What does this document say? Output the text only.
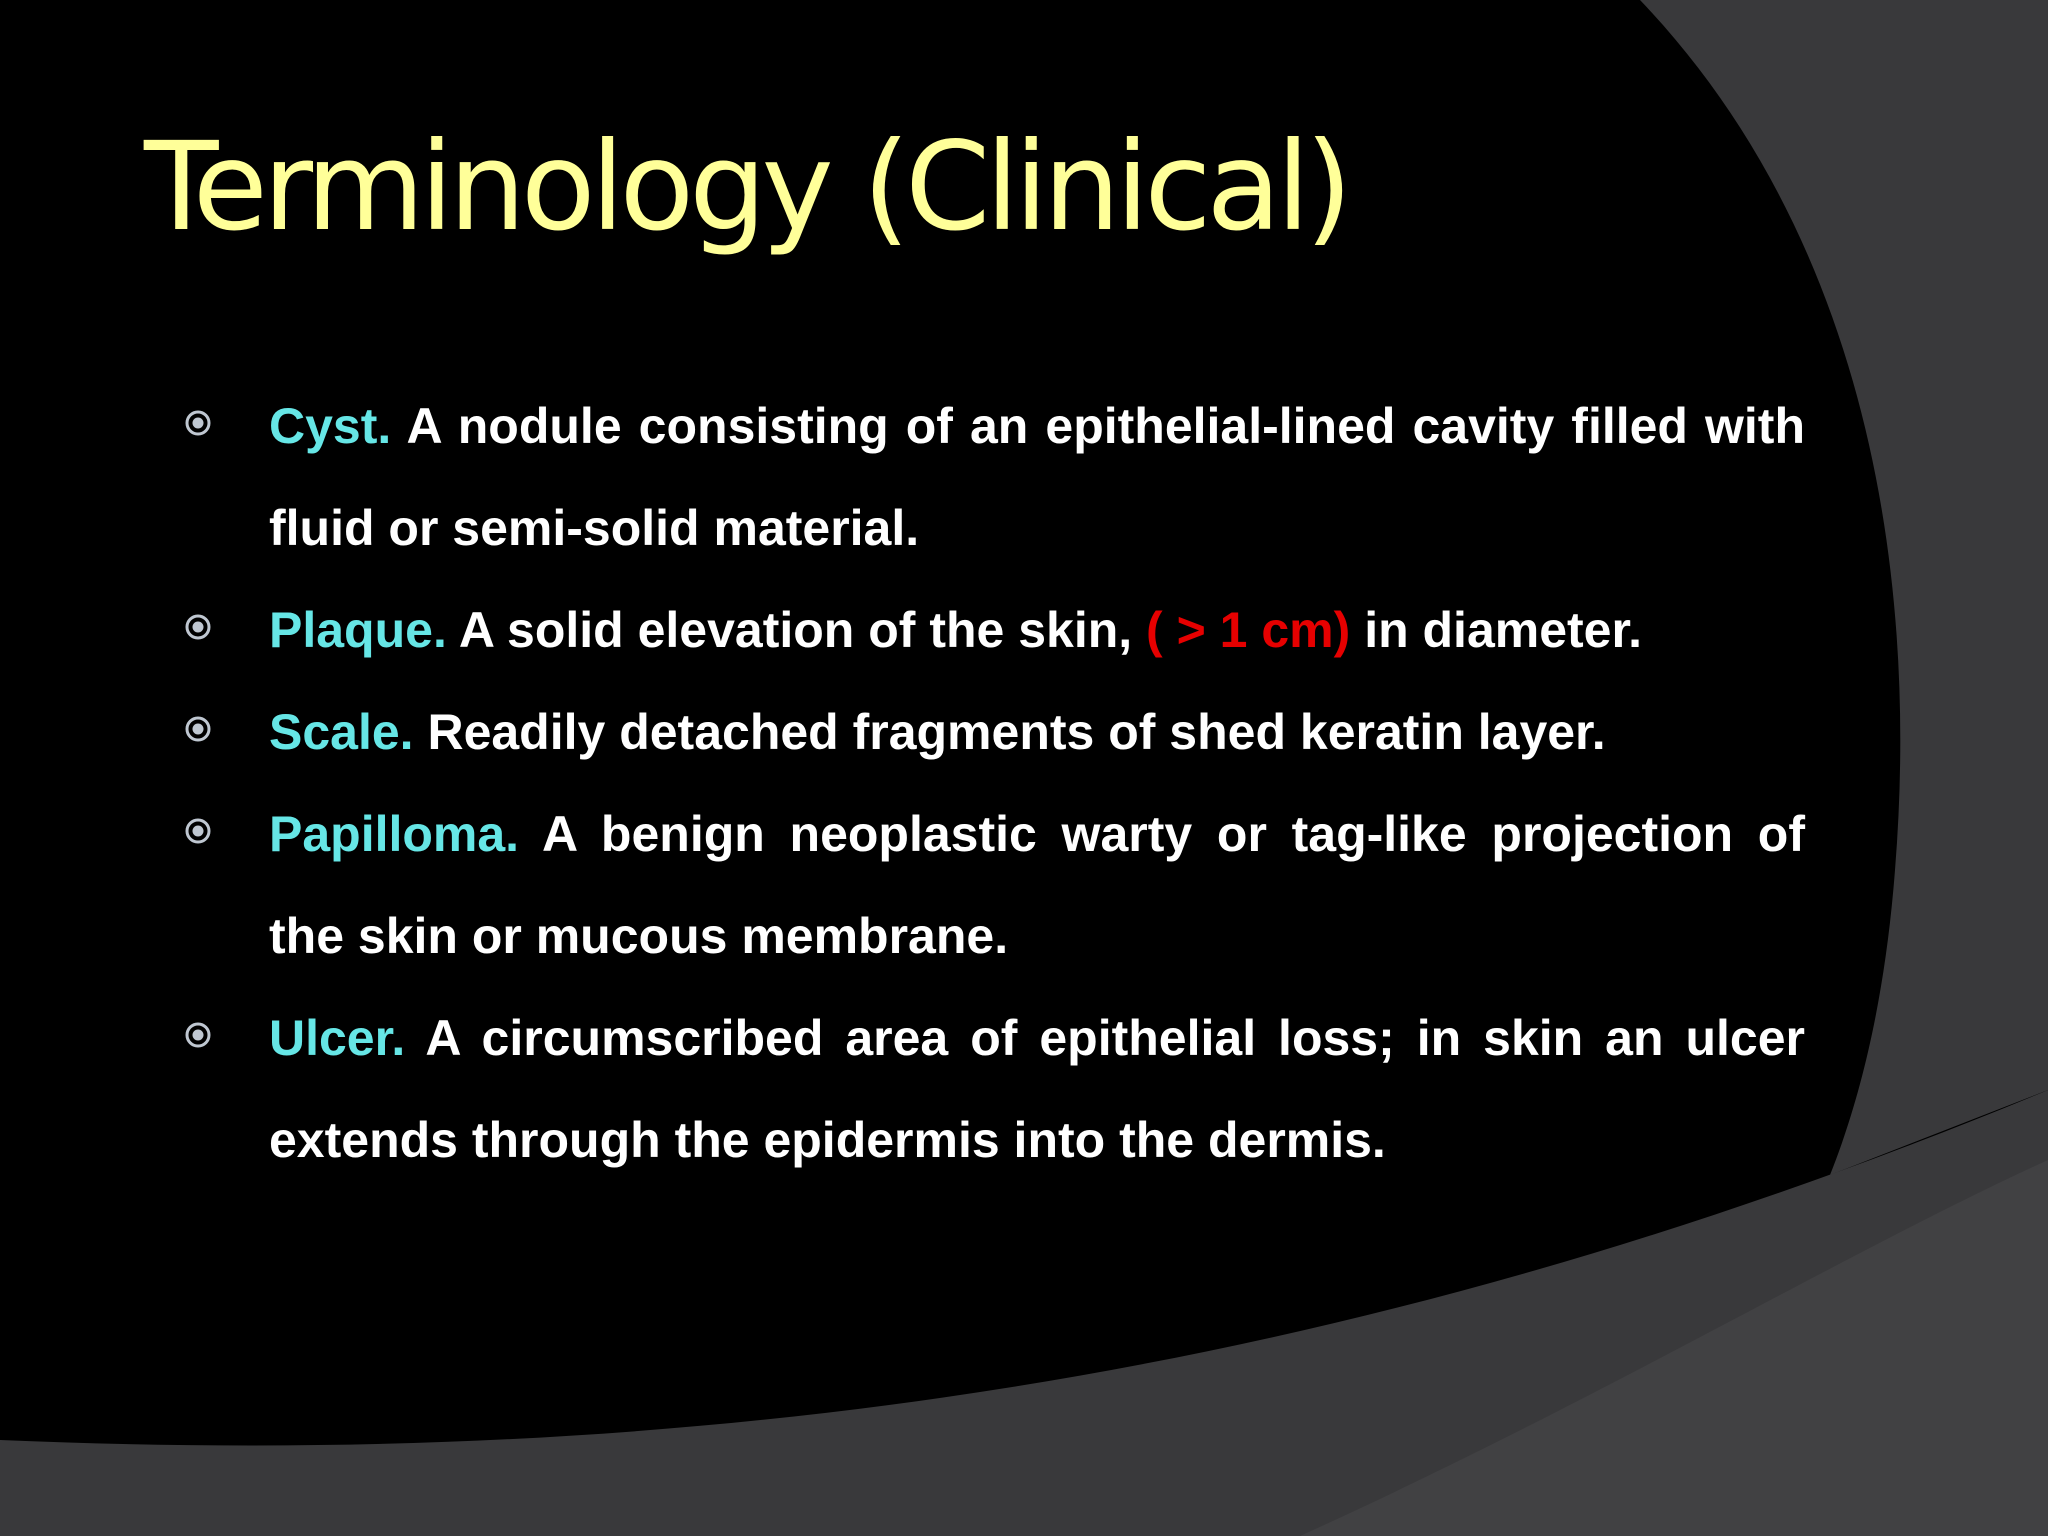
Terminology (Clinical)
Cyst. A nodule consisting of an epithelial-lined cavity filled with fluid or semi-solid material.
Plaque. A solid elevation of the skin, ( > 1 cm) in diameter.
Scale. Readily detached fragments of shed keratin layer.
Papilloma. A benign neoplastic warty or tag-like projection of the skin or mucous membrane.
Ulcer. A circumscribed area of epithelial loss; in skin an ulcer extends through the epidermis into the dermis.
